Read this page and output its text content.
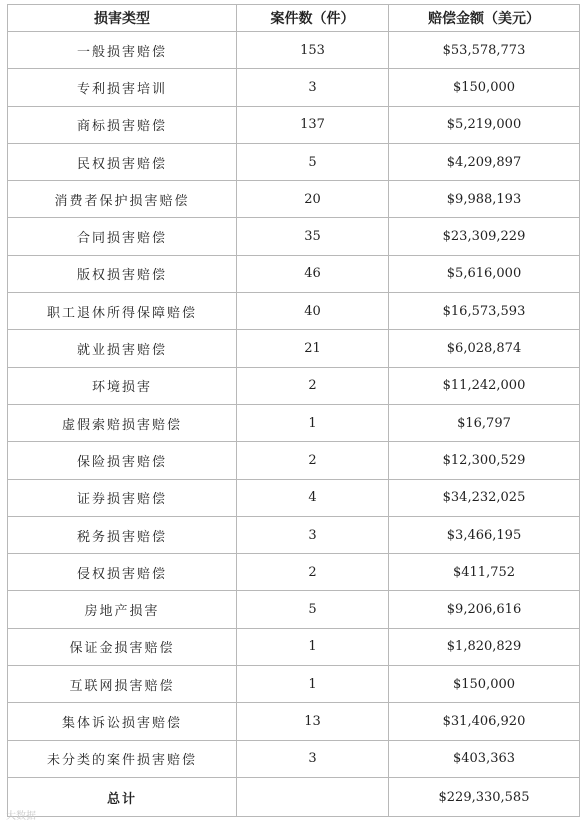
损害类型	案件数（件）	赔偿金额（美元）
一般损害赔偿	153	$53,578,773
专利损害培训	3	$150,000
商标损害赔偿	137	$5,219,000
民权损害赔偿	5	$4,209,897
消费者保护损害赔偿	20	$9,988,193
合同损害赔偿	35	$23,309,229
版权损害赔偿	46	$5,616,000
职工退休所得保障赔偿	40	$16,573,593
就业损害赔偿	21	$6,028,874
环境损害	2	$11,242,000
虚假索赔损害赔偿	1	$16,797
保险损害赔偿	2	$12,300,529
证券损害赔偿	4	$34,232,025
税务损害赔偿	3	$3,466,195
侵权损害赔偿	2	$411,752
房地产损害	5	$9,206,616
保证金损害赔偿	1	$1,820,829
互联网损害赔偿	1	$150,000
集体诉讼损害赔偿	13	$31,406,920
未分类的案件损害赔偿	3	$403,363
总计		$229,330,585
大数据
